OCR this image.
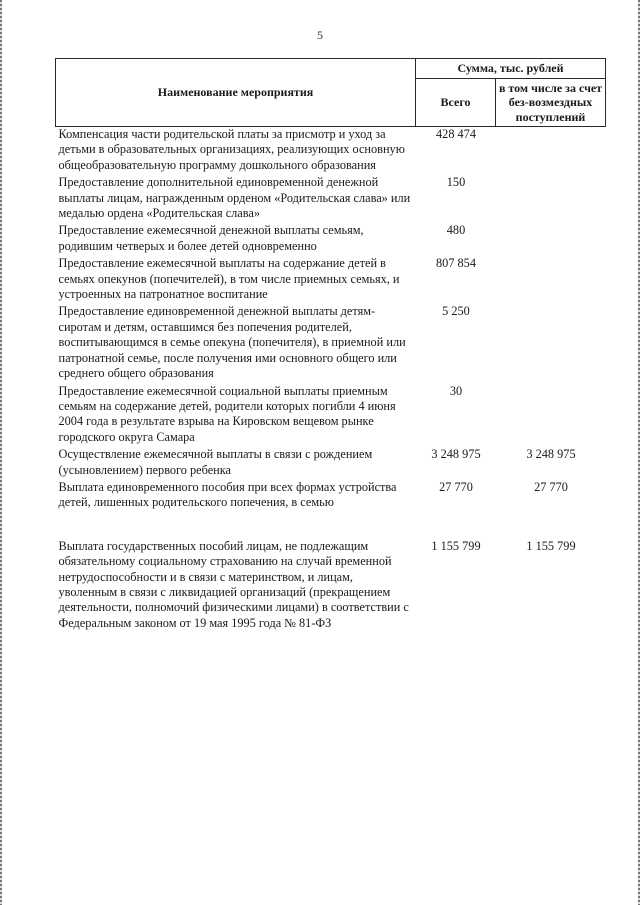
5
Наименование мероприятия	Сумма, тыс. рублей	
	Всего	в том числе за счет без-возмездных поступлений
Компенсация части родительской платы за присмотр и уход за детьми в образовательных организациях, реализующих основную общеобразовательную программу дошкольного образования	428 474	
Предоставление дополнительной единовременной денежной выплаты лицам, награжденным орденом «Родительская слава» или медалью ордена «Родительская слава»	150	
Предоставление ежемесячной денежной выплаты семьям, родившим четверых и более детей одновременно	480	
Предоставление ежемесячной выплаты на содержание детей в семьях опекунов (попечителей), в том числе приемных семьях, и устроенных на патронатное воспитание	807 854	
Предоставление единовременной денежной выплаты детям-сиротам и детям, оставшимся без попечения родителей, воспитывающимся в семье опекуна (попечителя), в приемной или патронатной семье, после получения ими основного общего или среднего общего образования	5 250	
Предоставление ежемесячной социальной выплаты приемным семьям на содержание детей, родители которых погибли 4 июня 2004 года в результате взрыва на Кировском вещевом рынке городского округа Самара	30	
Осуществление ежемесячной выплаты в связи с рождением (усыновлением) первого ребенка	3 248 975	3 248 975
Выплата единовременного пособия при всех формах устройства детей, лишенных родительского попечения, в семью	27 770	27 770
Выплата государственных пособий лицам, не подлежащим обязательному социальному страхованию на случай временной нетрудоспособности и в связи с материнством, и лицам, уволенным в связи с ликвидацией организаций (прекращением деятельности, полномочий физическими лицами) в соответствии с Федеральным законом от 19 мая 1995 года № 81-ФЗ	1 155 799	1 155 799
